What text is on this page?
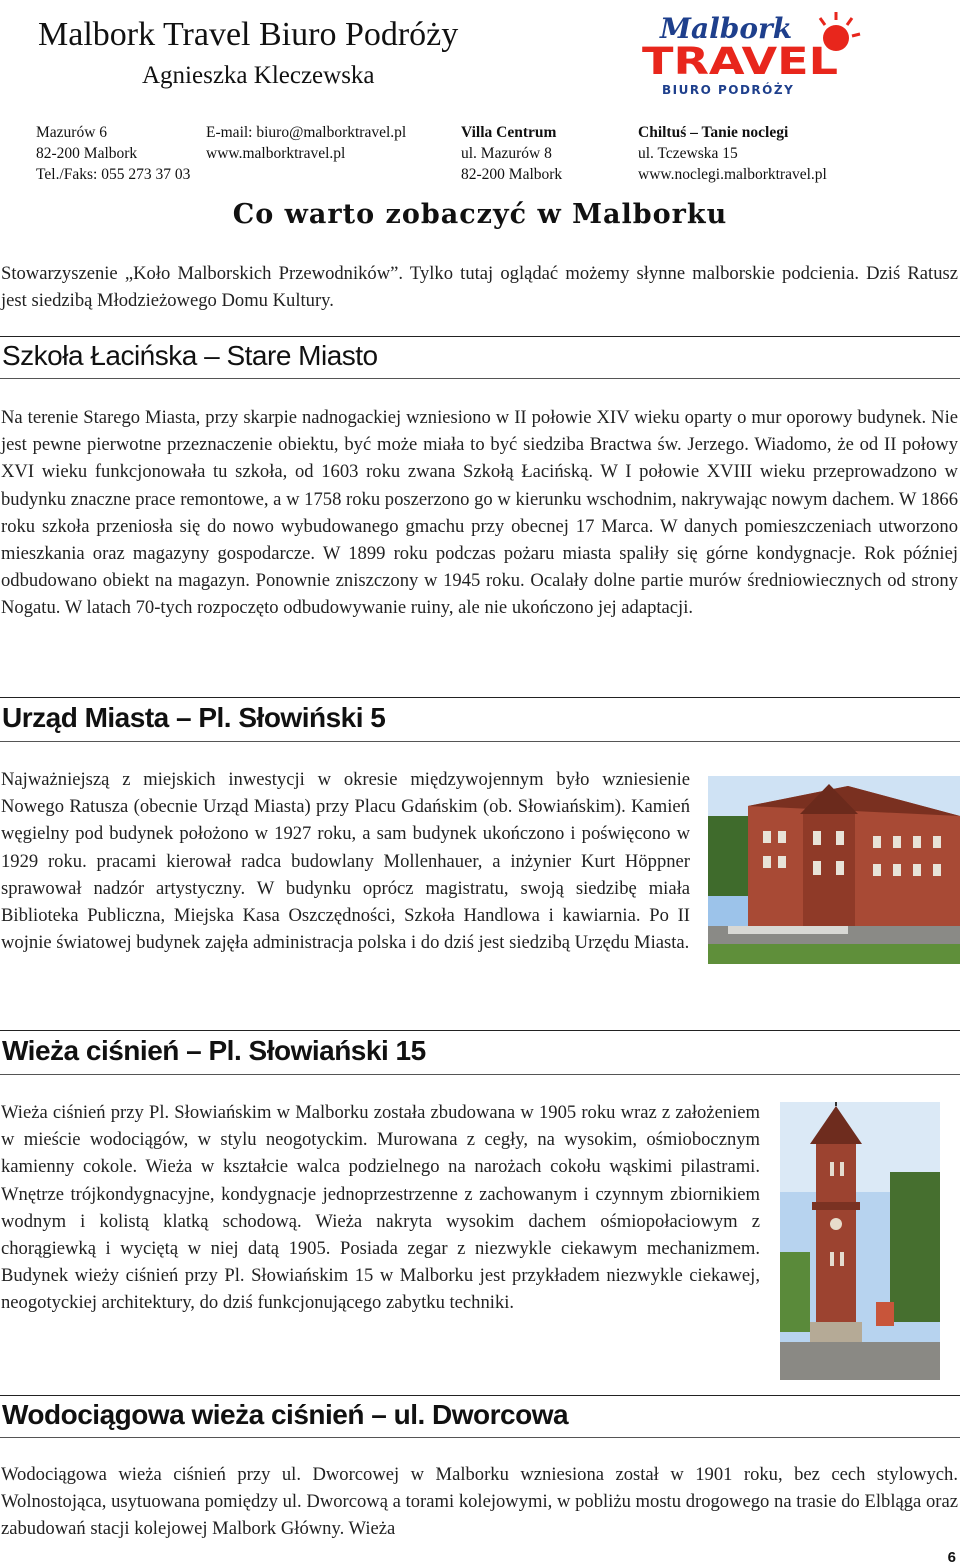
Malbork Travel Biuro Podróży
Agnieszka Kleczewska
Mazurów 6
82-200 Malbork
Tel./Faks: 055 273 37 03
E-mail: biuro@malborktravel.pl
www.malborktravel.pl
Villa Centrum
ul. Mazurów 8
82-200 Malbork
Chiltuś – Tanie noclegi
ul. Tczewska 15
www.noclegi.malborktravel.pl
Malbork
TRAVEL
BIURO PODRÓŻY
Co warto zobaczyć w Malborku

Stowarzyszenie „Koło Malborskich Przewodników”. Tylko tutaj oglądać możemy słynne malborskie podcienia. Dziś Ratusz jest siedzibą Młodzieżowego Domu Kultury.

Szkoła Łacińska – Stare Miasto

Na terenie Starego Miasta, przy skarpie nadnogackiej wzniesiono w II połowie XIV wieku oparty o mur oporowy budynek. Nie jest pewne pierwotne przeznaczenie obiektu, być może miała to być siedziba Bractwa św. Jerzego. Wiadomo, że od II połowy XVI wieku funkcjonowała tu szkoła, od 1603 roku zwana Szkołą Łacińską. W I połowie XVIII wieku przeprowadzono w budynku znaczne prace remontowe, a w 1758 roku poszerzono go w kierunku wschodnim, nakrywając nowym dachem. W 1866 roku szkoła przeniosła się do nowo wybudowanego gmachu przy obecnej 17 Marca. W danych pomieszczeniach utworzono mieszkania oraz magazyny gospodarcze. W 1899 roku podczas pożaru miasta spaliły się górne kondygnacje. Rok później odbudowano obiekt na magazyn. Ponownie zniszczony w 1945 roku. Ocalały dolne partie murów średniowiecznych od strony Nogatu. W latach 70-tych rozpoczęto odbudowywanie ruiny, ale nie ukończono jej adaptacji.

Urząd Miasta – Pl. Słowiński 5

Najważniejszą z miejskich inwestycji w okresie międzywojennym było wzniesienie Nowego Ratusza (obecnie Urząd Miasta) przy Placu Gdańskim (ob. Słowiańskim). Kamień węgielny pod budynek położono w 1927 roku, a sam budynek ukończono i poświęcono w 1929 roku. pracami kierował radca budowlany Mollenhauer, a inżynier Kurt Höppner sprawował nadzór artystyczny. W budynku oprócz magistratu, swoją siedzibę miała Biblioteka Publiczna, Miejska Kasa Oszczędności, Szkoła Handlowa i kawiarnia. Po II wojnie światowej budynek zajęła administracja polska i do dziś jest siedzibą Urzędu Miasta.

Wieża ciśnień – Pl. Słowiański 15

Wieża ciśnień przy Pl. Słowiańskim w Malborku została zbudowana w 1905 roku wraz z założeniem w mieście wodociągów, w stylu neogotyckim. Murowana z cegły, na wysokim, ośmiobocznym kamienny cokole. Wieża w kształcie walca podzielnego na narożach cokołu wąskimi pilastrami. Wnętrze trójkondygnacyjne, kondygnacje jednoprzestrzenne z zachowanym i czynnym zbiornikiem wodnym i kolistą klatką schodową. Wieża nakryta wysokim dachem ośmiopołaciowym z chorągiewką i wyciętą w niej datą 1905. Posiada zegar z niezwykle ciekawym mechanizmem. Budynek wieży ciśnień przy Pl. Słowiańskim 15 w Malborku jest przykładem niezwykle ciekawej, neogotyckiej architektury, do dziś funkcjonującego zabytku techniki.

Wodociągowa wieża ciśnień – ul. Dworcowa

Wodociągowa wieża ciśnień przy ul. Dworcowej w Malborku wzniesiona został w 1901 roku, bez cech stylowych. Wolnostojąca, usytuowana pomiędzy ul. Dworcową a torami kolejowymi, w pobliżu mostu drogowego na trasie do Elbląga oraz zabudowań stacji kolejowej Malbork Główny. Wieża

6
